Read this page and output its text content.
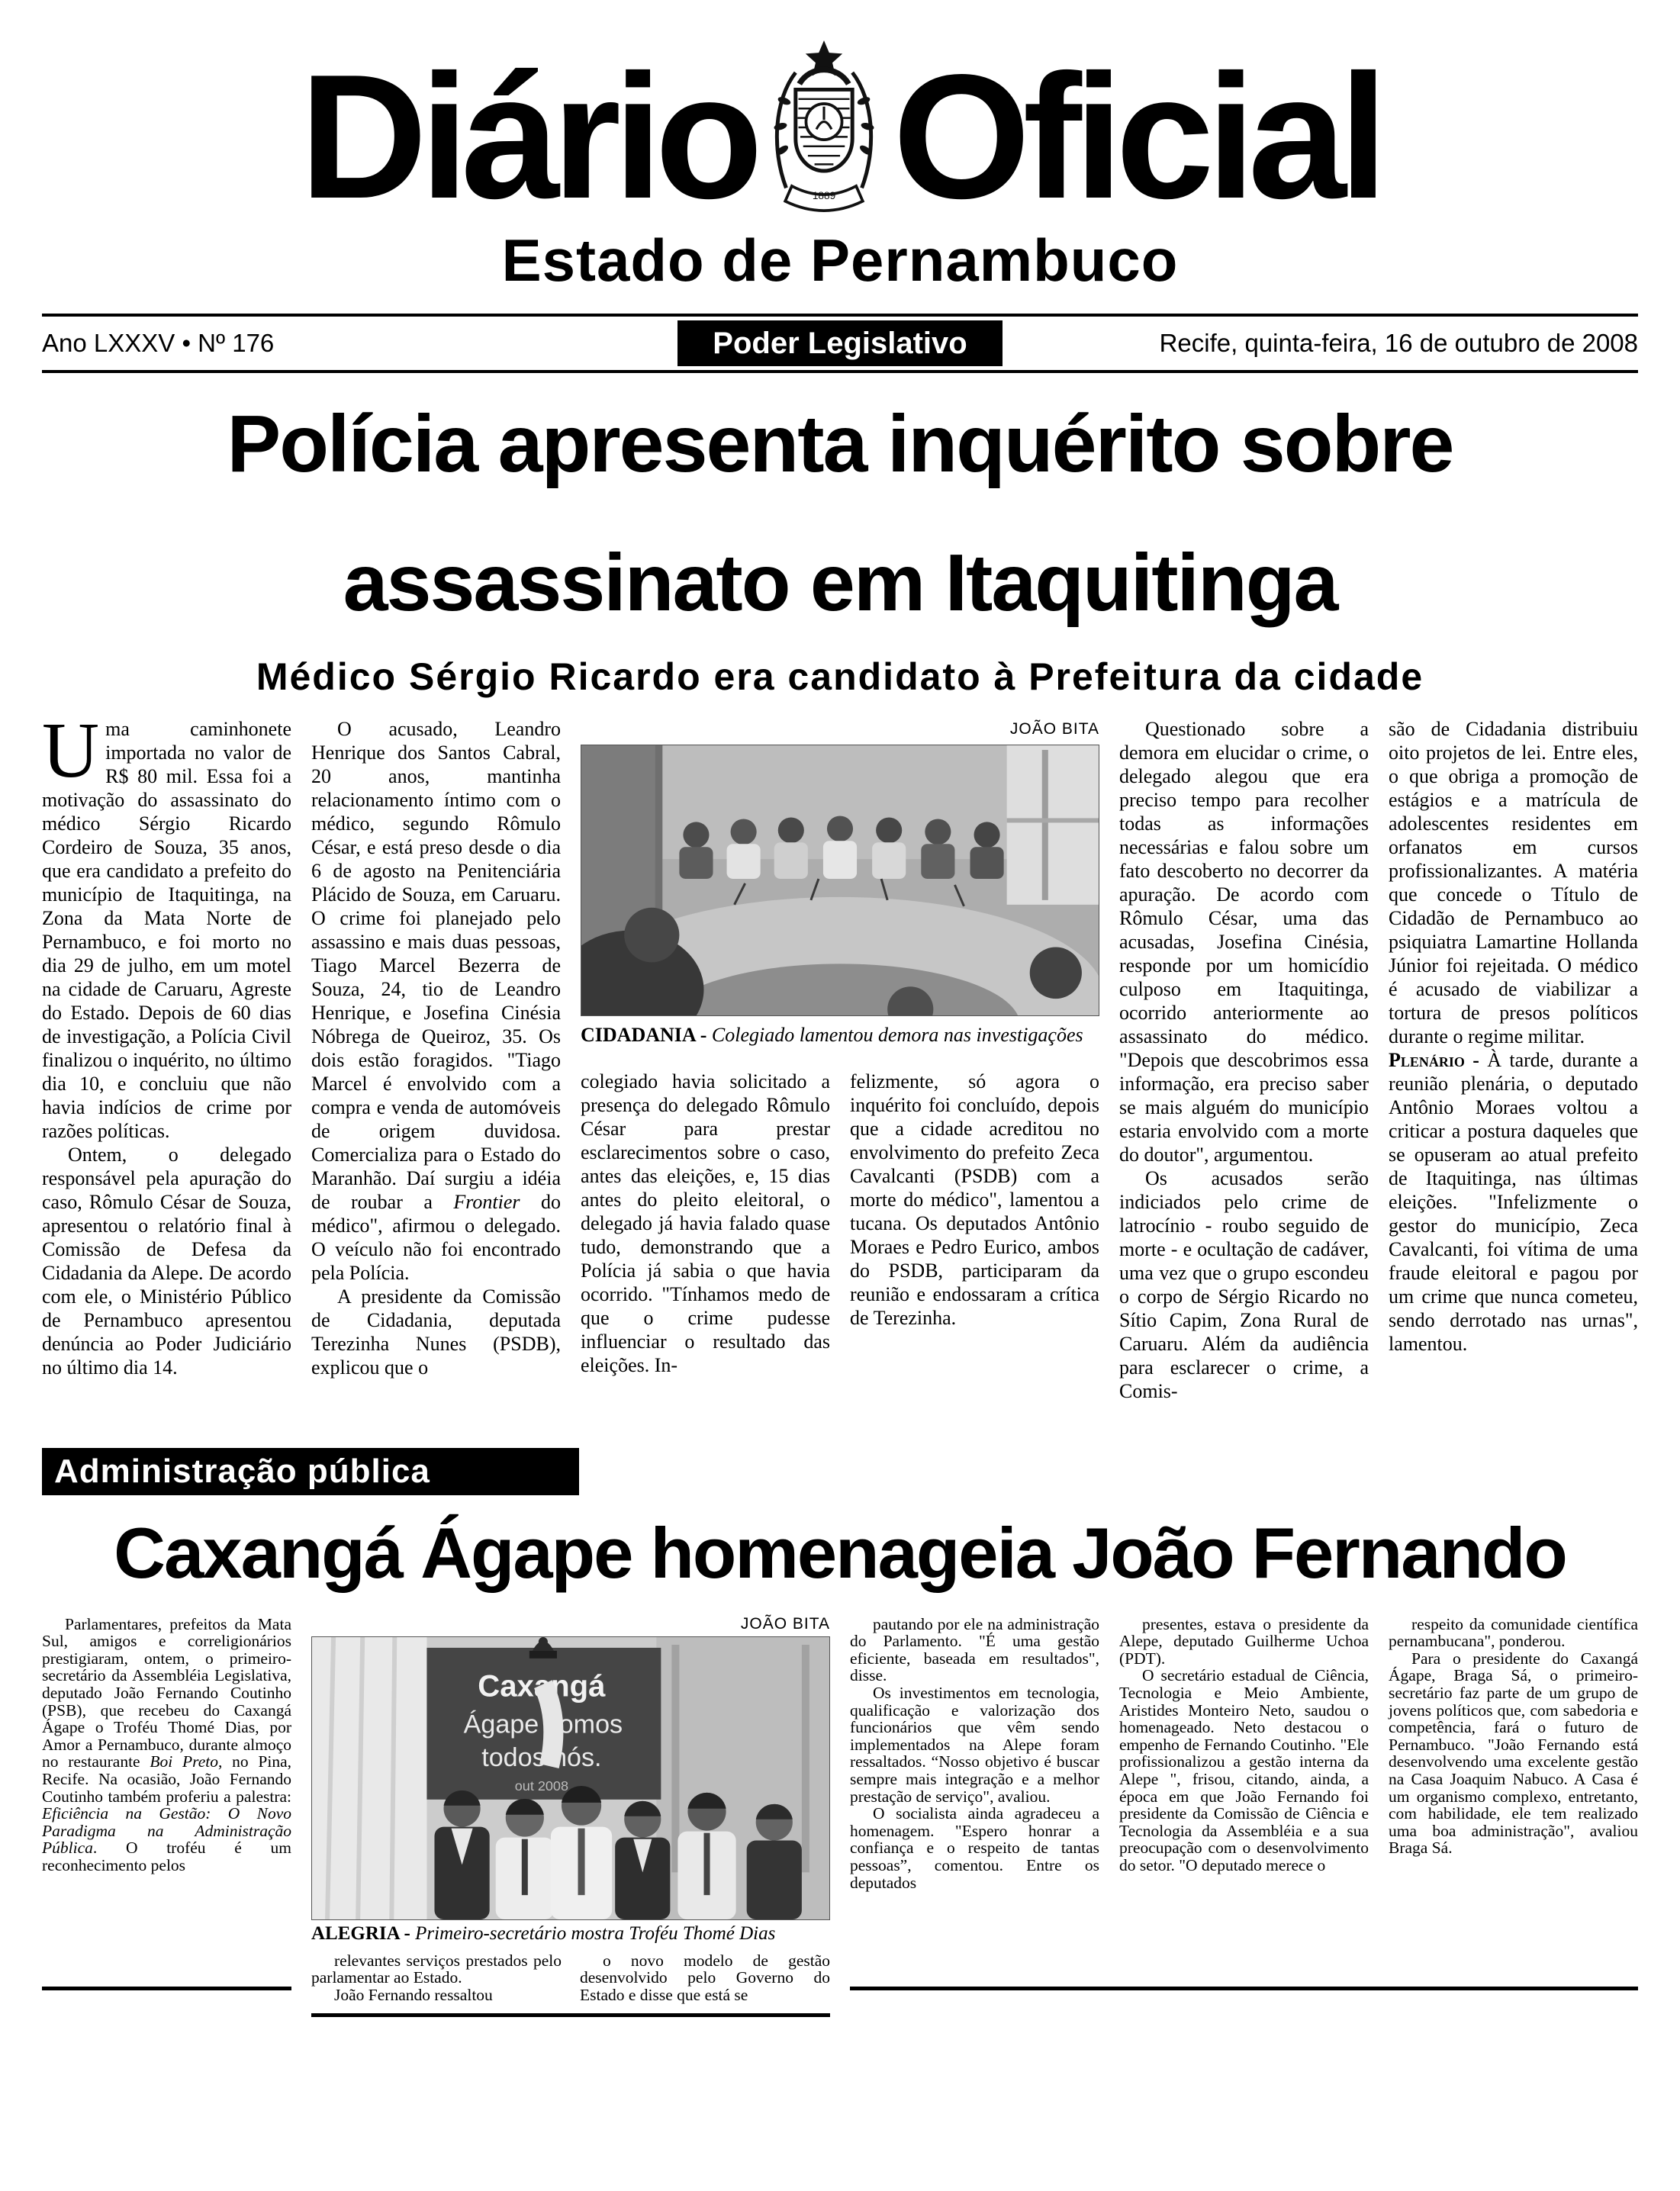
Diário	1889 Oficial
Estado de Pernambuco
Ano LXXXV • Nº 176	Poder Legislativo	Recife, quinta-feira, 16 de outubro de 2008
Polícia apresenta inquérito sobre
assassinato em Itaquitinga
Médico Sérgio Ricardo era candidato à Prefeitura da cidade

Uma caminhonete importada no valor de R$ 80 mil. Essa foi a motivação do assassinato do médico Sérgio Ricardo Cordeiro de Souza, 35 anos, que era candidato a prefeito do município de Itaquitinga, na Zona da Mata Norte de Pernambuco, e foi morto no dia 29 de julho, em um motel na cidade de Caruaru, Agreste do Estado. Depois de 60 dias de investigação, a Polícia Civil finalizou o inquérito, no último dia 10, e concluiu que não havia indícios de crime por razões políticas.

Ontem, o delegado responsável pela apuração do caso, Rômulo César de Souza, apresentou o relatório final à Comissão de Defesa da Cidadania da Alepe. De acordo com ele, o Ministério Público de Pernambuco apresentou denúncia ao Poder Judiciário no último dia 14.

O acusado, Leandro Henrique dos Santos Cabral, 20 anos, mantinha relacionamento íntimo com o médico, segundo Rômulo César, e está preso desde o dia 6 de agosto na Penitenciária Plácido de Souza, em Caruaru. O crime foi planejado pelo assassino e mais duas pessoas, Tiago Marcel Bezerra de Souza, 24, tio de Leandro Henrique, e Josefina Cinésia Nóbrega de Queiroz, 35. Os dois estão foragidos. "Tiago Marcel é envolvido com a compra e venda de automóveis de origem duvidosa. Comercializa para o Estado do Maranhão. Daí surgiu a idéia de roubar a Frontier do médico", afirmou o delegado. O veículo não foi encontrado pela Polícia.

A presidente da Comissão de Cidadania, deputada Terezinha Nunes (PSDB), explicou que o

JOÃO BITA
CIDADANIA - Colegiado lamentou demora nas investigações

colegiado havia solicitado a presença do delegado Rômulo César para prestar esclarecimentos sobre o caso, antes das eleições, e, 15 dias antes do pleito eleitoral, o delegado já havia falado quase tudo, demonstrando que a Polícia já sabia o que havia ocorrido. "Tínhamos medo de que o crime pudesse influenciar o resultado das eleições. In-

felizmente, só agora o inquérito foi concluído, depois que a cidade acreditou no envolvimento do prefeito Zeca Cavalcanti (PSDB) com a morte do médico", lamentou a tucana. Os deputados Antônio Moraes e Pedro Eurico, ambos do PSDB, participaram da reunião e endossaram a crítica de Terezinha.

Questionado sobre a demora em elucidar o crime, o delegado alegou que era preciso tempo para recolher todas as informações necessárias e falou sobre um fato descoberto no decorrer da apuração. De acordo com Rômulo César, uma das acusadas, Josefina Cinésia, responde por um homicídio culposo em Itaquitinga, ocorrido anteriormente ao assassinato do médico. "Depois que descobrimos essa informação, era preciso saber se mais alguém do município estaria envolvido com a morte do doutor", argumentou.

Os acusados serão indiciados pelo crime de latrocínio - roubo seguido de morte - e ocultação de cadáver, uma vez que o grupo escondeu o corpo de Sérgio Ricardo no Sítio Capim, Zona Rural de Caruaru. Além da audiência para esclarecer o crime, a Comis-

são de Cidadania distribuiu oito projetos de lei. Entre eles, o que obriga a promoção de estágios e a matrícula de adolescentes residentes em orfanatos em cursos profissionalizantes. A matéria que concede o Título de Cidadão de Pernambuco ao psiquiatra Lamartine Hollanda Júnior foi rejeitada. O médico é acusado de viabilizar a tortura de presos políticos durante o regime militar.

Plenário - À tarde, durante a reunião plenária, o deputado Antônio Moraes voltou a criticar a postura daqueles que se opuseram ao atual prefeito de Itaquitinga, nas últimas eleições. "Infelizmente o gestor do município, Zeca Cavalcanti, foi vítima de uma fraude eleitoral e pagou por um crime que nunca cometeu, sendo derrotado nas urnas", lamentou.

Administração pública
Caxangá Ágape homenageia João Fernando

Parlamentares, prefeitos da Mata Sul, amigos e correligionários prestigiaram, ontem, o primeiro-secretário da Assembléia Legislativa, deputado João Fernando Coutinho (PSB), que recebeu do Caxangá Ágape o Troféu Thomé Dias, por Amor a Pernambuco, durante almoço no restaurante Boi Preto, no Pina, Recife. Na ocasião, João Fernando Coutinho também proferiu a palestra: Eficiência na Gestão: O Novo Paradigma na Administração Pública. O troféu é um reconhecimento pelos

JOÃO BITA
Caxangá
Ágape somos
todos nós.
out 2008
ALEGRIA - Primeiro-secretário mostra Troféu Thomé Dias

relevantes serviços prestados pelo parlamentar ao Estado.

João Fernando ressaltou

o novo modelo de gestão desenvolvido pelo Governo do Estado e disse que está se

pautando por ele na administração do Parlamento. "É uma gestão eficiente, baseada em resultados", disse.

Os investimentos em tecnologia, qualificação e valorização dos funcionários que vêm sendo implementados na Alepe foram ressaltados. “Nosso objetivo é buscar sempre mais integração e a melhor prestação de serviço", avaliou.

O socialista ainda agradeceu a homenagem. "Espero honrar a confiança e o respeito de tantas pessoas”, comentou. Entre os deputados

presentes, estava o presidente da Alepe, deputado Guilherme Uchoa (PDT).

O secretário estadual de Ciência, Tecnologia e Meio Ambiente, Aristides Monteiro Neto, saudou o homenageado. Neto destacou o empenho de Fernando Coutinho. "Ele profissionalizou a gestão interna da Alepe ", frisou, citando, ainda, a época em que João Fernando foi presidente da Comissão de Ciência e Tecnologia da Assembléia e a sua preocupação com o desenvolvimento do setor. "O deputado merece o

respeito da comunidade científica pernambucana", ponderou.

Para o presidente do Caxangá Ágape, Braga Sá, o primeiro-secretário faz parte de um grupo de jovens políticos que, com sabedoria e competência, fará o futuro de Pernambuco. "João Fernando está desenvolvendo uma excelente gestão na Casa Joaquim Nabuco. A Casa é um organismo complexo, entretanto, com habilidade, ele tem realizado uma boa administração", avaliou Braga Sá.
